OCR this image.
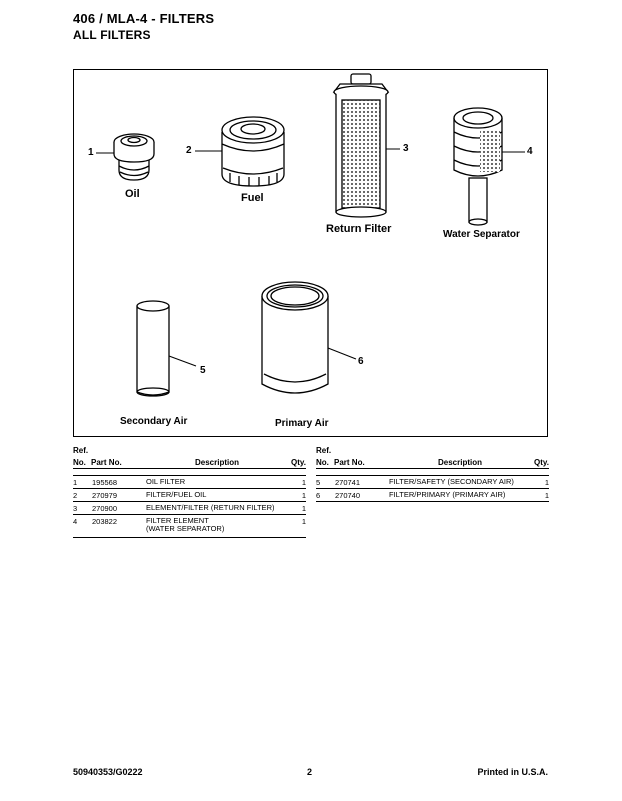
406 / MLA-4 - FILTERS
ALL FILTERS
1	2	3	4
5
6
Oil	Fuel
Return Filter	Water Separator
Secondary Air	Primary Air
Ref.
No. Part No.	Description	Qty.
1 195568	OIL FILTER	1
2 270979	FILTER/FUEL OIL	1
3 270900	ELEMENT/FILTER (RETURN FILTER)	1
4 203822	FILTER ELEMENT
(WATER SEPARATOR)
1
Ref.
No. Part No.	Description	Qty.
5 270741	FILTER/SAFETY (SECONDARY AIR)	1
6 270740	FILTER/PRIMARY (PRIMARY AIR)	1
50940353/G0222	2	Printed in U.S.A.
